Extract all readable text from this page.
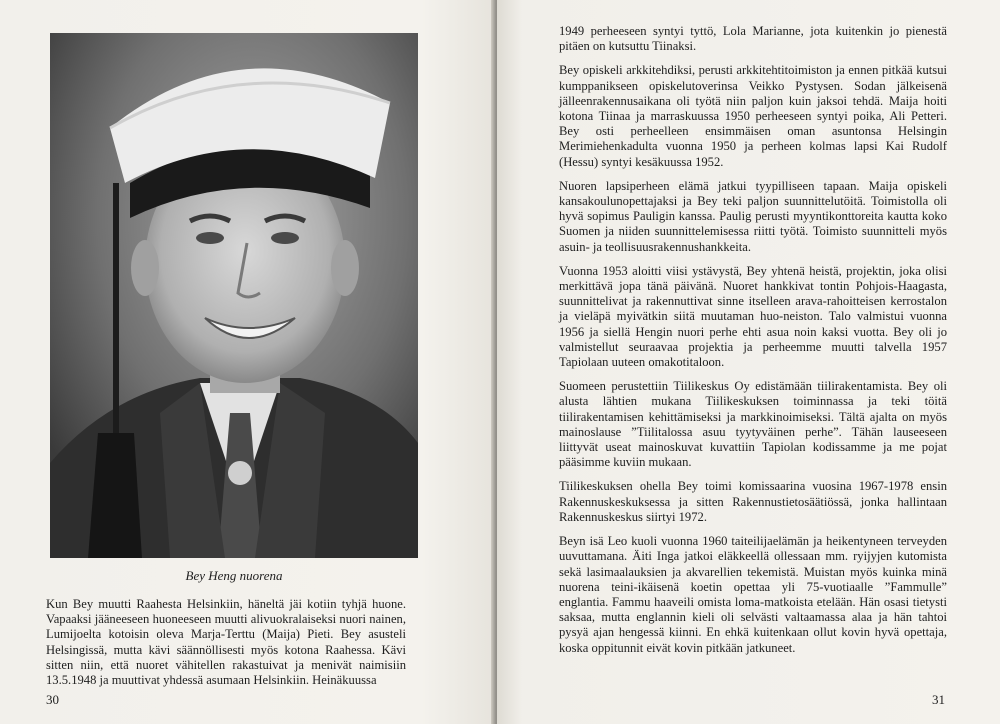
Bey Heng nuorena

Kun Bey muutti Raahesta Helsinkiin, häneltä jäi kotiin tyhjä huone. Vapaaksi jääneeseen huoneeseen muutti alivuokralaiseksi nuori nainen, Lumijoelta kotoisin oleva Marja-Terttu (Maija) Pieti. Bey asusteli Helsingissä, mutta kävi säännöllisesti myös kotona Raahessa. Kävi sitten niin, että nuoret vähitellen rakastuivat ja menivät naimisiin 13.5.1948 ja muuttivat yhdessä asumaan Helsinkiin. Heinäkuussa

30

1949 perheeseen syntyi tyttö, Lola Marianne, jota kuitenkin jo pienestä pitäen on kutsuttu Tiinaksi.

Bey opiskeli arkkitehdiksi, perusti arkkitehtitoimiston ja ennen pitkää kutsui kumppanikseen opiskelutoverinsa Veikko Pystysen. Sodan jälkeisenä jälleenrakennusaikana oli työtä niin paljon kuin jaksoi tehdä. Maija hoiti kotona Tiinaa ja marraskuussa 1950 perheeseen syntyi poika, Ali Petteri. Bey osti perheelleen ensimmäisen oman asuntonsa Helsingin Merimiehenkadulta vuonna 1950 ja perheen kolmas lapsi Kai Rudolf (Hessu) syntyi kesäkuussa 1952.

Nuoren lapsiperheen elämä jatkui tyypilliseen tapaan. Maija opiskeli kansakoulunopettajaksi ja Bey teki paljon suunnittelutöitä. Toimistolla oli hyvä sopimus Pauligin kanssa. Paulig perusti myyntikonttoreita kautta koko Suomen ja niiden suunnittelemisessa riitti työtä. Toimisto suunnitteli myös asuin- ja teollisuusrakennushankkeita.

Vuonna 1953 aloitti viisi ystävystä, Bey yhtenä heistä, projektin, joka olisi merkittävä jopa tänä päivänä. Nuoret hankkivat tontin Pohjois-Haagasta, suunnittelivat ja rakennuttivat sinne itselleen arava-rahoitteisen kerrostalon ja vieläpä myivätkin siitä muutaman huo-neiston. Talo valmistui vuonna 1956 ja siellä Hengin nuori perhe ehti asua noin kaksi vuotta. Bey oli jo valmistellut seuraavaa projektia ja perheemme muutti talvella 1957 Tapiolaan uuteen omakotitaloon.

Suomeen perustettiin Tiilikeskus Oy edistämään tiilirakentamista. Bey oli alusta lähtien mukana Tiilikeskuksen toiminnassa ja teki töitä tiilirakentamisen kehittämiseksi ja markkinoimiseksi. Tältä ajalta on myös mainoslause ”Tiilitalossa asuu tyytyväinen perhe”. Tähän lauseeseen liittyvät useat mainoskuvat kuvattiin Tapiolan kodissamme ja me pojat pääsimme kuviin mukaan.

Tiilikeskuksen ohella Bey toimi komissaarina vuosina 1967-1978 ensin Rakennuskeskuksessa ja sitten Rakennustietosäätiössä, jonka hallintaan Rakennuskeskus siirtyi 1972.

Beyn isä Leo kuoli vuonna 1960 taiteilijaelämän ja heikentyneen terveyden uuvuttamana. Äiti Inga jatkoi eläkkeellä ollessaan mm. ryijyjen kutomista sekä lasimaalauksien ja akvarellien tekemistä. Muistan myös kuinka minä nuorena teini-ikäisenä koetin opettaa yli 75-vuotiaalle ”Fammulle” englantia. Fammu haaveili omista loma-matkoista etelään. Hän osasi tietysti saksaa, mutta englannin kieli oli selvästi valtaamassa alaa ja hän tahtoi pysyä ajan hengessä kiinni. En ehkä kuitenkaan ollut kovin hyvä opettaja, koska oppitunnit eivät kovin pitkään jatkuneet.

31
